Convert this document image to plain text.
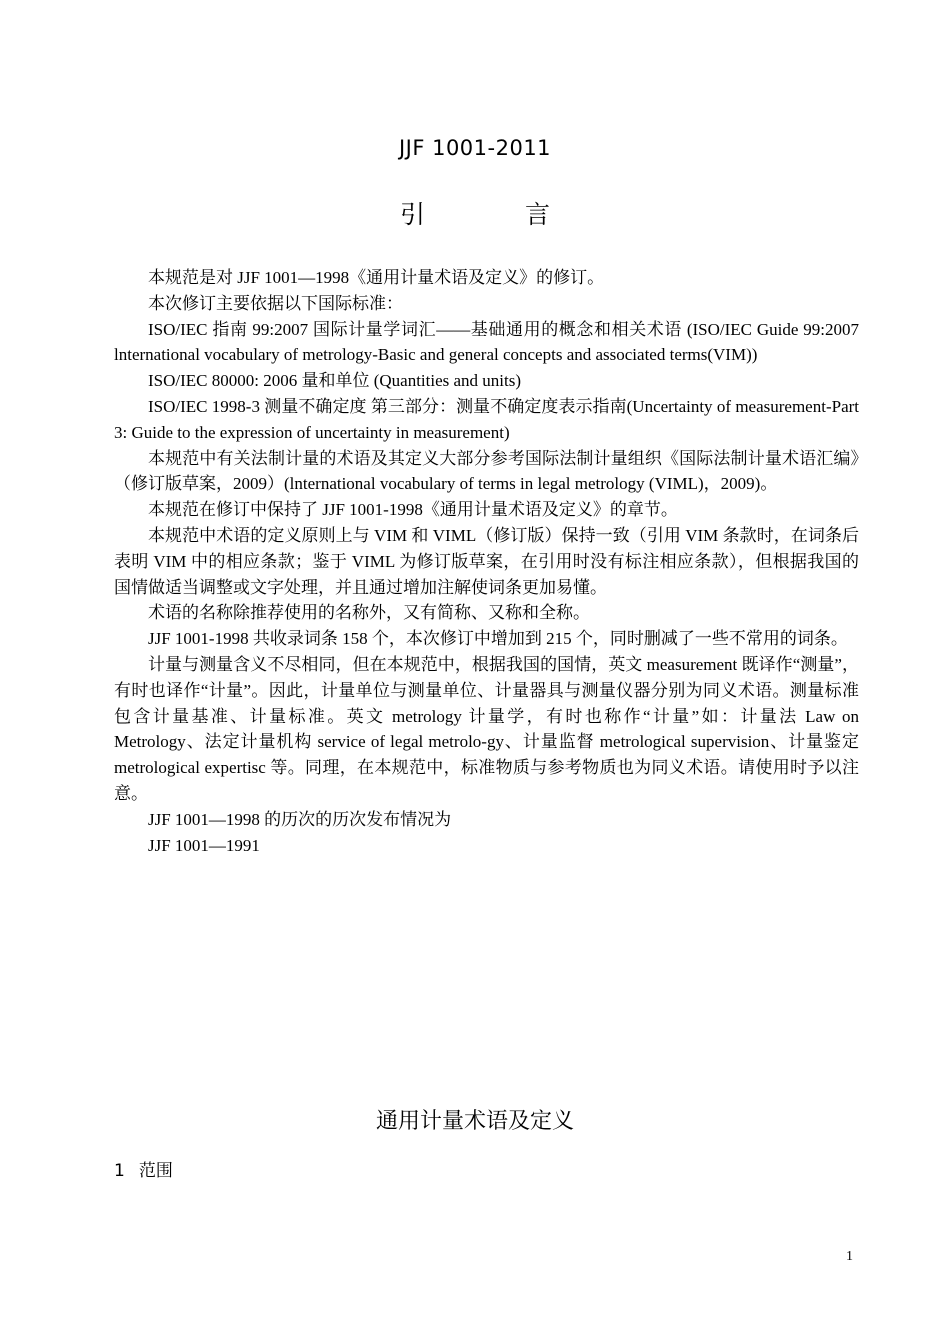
JJF 1001-2011
引 言

本规范是对 JJF 1001—1998《通用计量术语及定义》的修订。

本次修订主要依据以下国际标准：

ISO/IEC 指南 99:2007 国际计量学词汇——基础通用的概念和相关术语 (ISO/IEC Guide 99:2007 lnternational vocabulary of metrology-Basic and general concepts and associated terms(VIM))

ISO/IEC 80000: 2006 量和单位 (Quantities and units)

ISO/IEC 1998-3 测量不确定度 第三部分：测量不确定度表示指南(Uncertainty of measurement-Part 3: Guide to the expression of uncertainty in measurement)

本规范中有关法制计量的术语及其定义大部分参考国际法制计量组织《国际法制计量术语汇编》（修订版草案，2009）(lnternational vocabulary of terms in legal metrology (VIML)，2009)。

本规范在修订中保持了 JJF 1001-1998《通用计量术语及定义》的章节。

本规范中术语的定义原则上与 VIM 和 VIML（修订版）保持一致（引用 VIM 条款时，在词条后表明 VIM 中的相应条款；鉴于 VIML 为修订版草案，在引用时没有标注相应条款），但根据我国的国情做适当调整或文字处理，并且通过增加注解使词条更加易懂。

术语的名称除推荐使用的名称外，又有简称、又称和全称。

JJF 1001-1998 共收录词条 158 个，本次修订中增加到 215 个，同时删减了一些不常用的词条。

计量与测量含义不尽相同，但在本规范中，根据我国的国情，英文 measurement 既译作“测量”，有时也译作“计量”。因此，计量单位与测量单位、计量器具与测量仪器分别为同义术语。测量标准包含计量基准、计量标准。英文 metrology 计量学，有时也称作“计量”如：计量法 Law on Metrology、法定计量机构 service of legal metrolo-gy、计量监督 metrological supervision、计量鉴定 metrological expertisc 等。同理，在本规范中，标准物质与参考物质也为同义术语。请使用时予以注意。

JJF 1001—1998 的历次的历次发布情况为

JJF 1001—1991

通用计量术语及定义
1 范围
1
